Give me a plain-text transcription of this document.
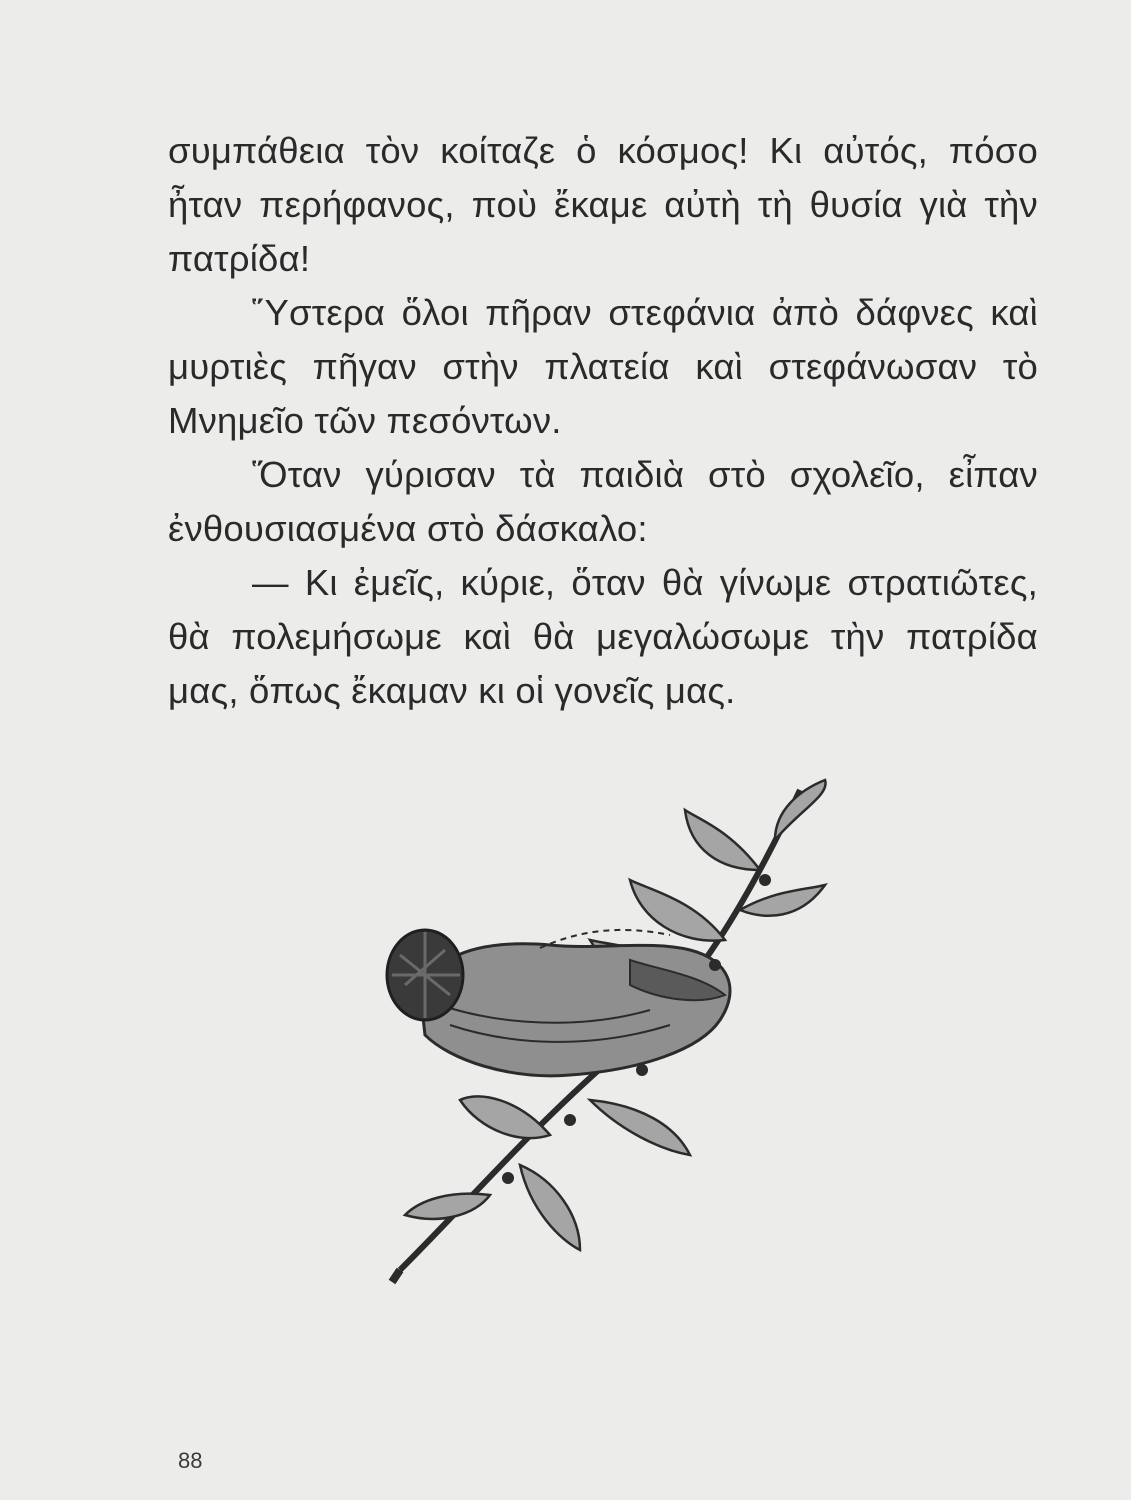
συμπάθεια τὸν κοίταζε ὁ κόσμος! Κι αὐτός, πόσο ἦταν περήφανος, ποὺ ἔκαμε αὐτὴ τὴ θυσία γιὰ τὴν πατρίδα!

Ὕστερα ὅλοι πῆραν στεφάνια ἀπὸ δάφνες καὶ μυρτιὲς πῆγαν στὴν πλατεία καὶ στεφάνωσαν τὸ Μνημεῖο τῶν πεσόντων.

Ὅταν γύρισαν τὰ παιδιὰ στὸ σχολεῖο, εἶπαν ἐνθουσιασμένα στὸ δάσκαλο:

— Κι ἐμεῖς, κύριε, ὅταν θὰ γίνωμε στρατιῶτες, θὰ πολεμήσωμε καὶ θὰ μεγαλώσωμε τὴν πατρίδα μας, ὅπως ἔκαμαν κι οἱ γονεῖς μας.

88
